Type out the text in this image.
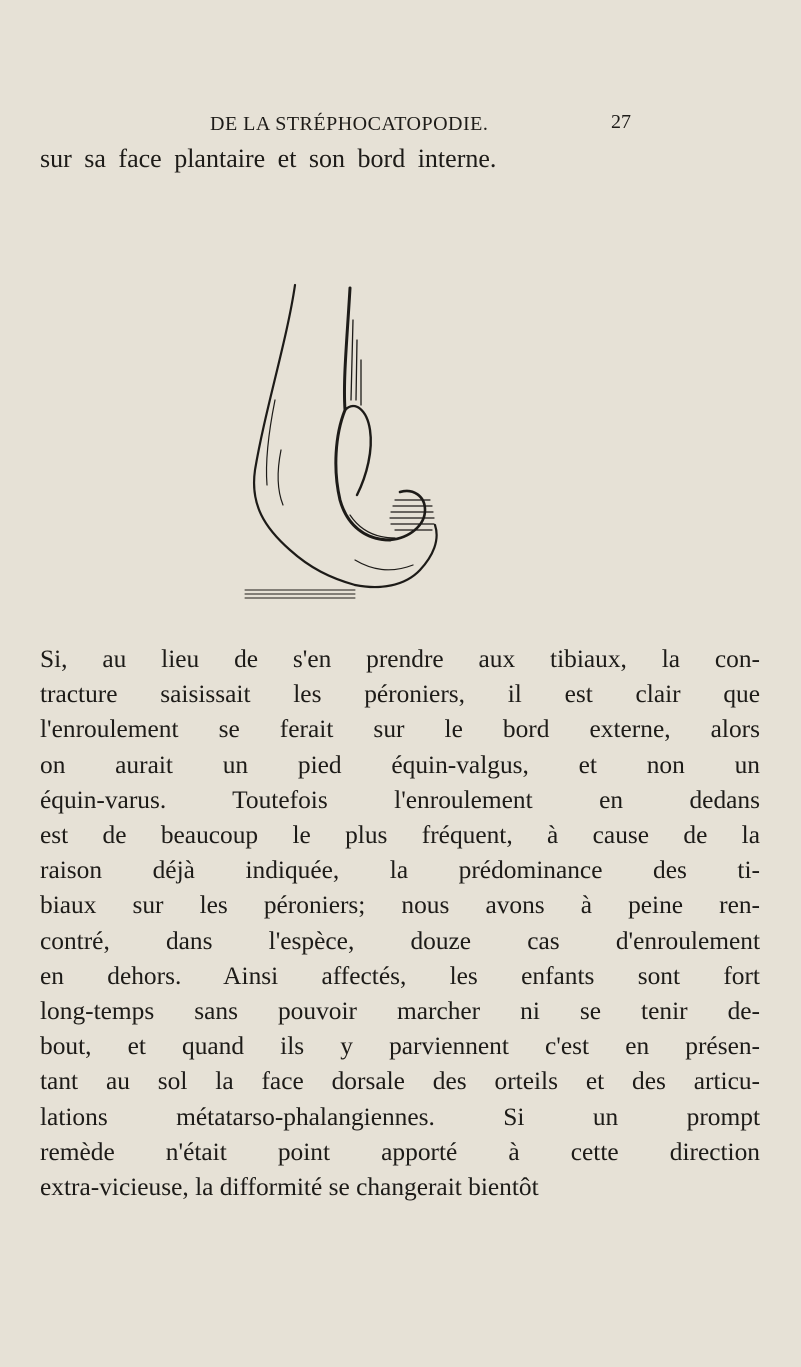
DE LA STRÉPHOCATOPODIE.	27
sur sa face plantaire et son bord interne.
Si, au lieu de s'en prendre aux tibiaux, la con-
tracture saisissait les péroniers, il est clair que
l'enroulement se ferait sur le bord externe, alors
on aurait un pied équin-valgus, et non un
équin-varus. Toutefois l'enroulement en dedans
est de beaucoup le plus fréquent, à cause de la
raison déjà indiquée, la prédominance des ti-
biaux sur les péroniers; nous avons à peine ren-
contré, dans l'espèce, douze cas d'enroulement
en dehors. Ainsi affectés, les enfants sont fort
long-temps sans pouvoir marcher ni se tenir de-
bout, et quand ils y parviennent c'est en présen-
tant au sol la face dorsale des orteils et des articu-
lations métatarso-phalangiennes. Si un prompt
remède n'était point apporté à cette direction
extra-vicieuse, la difformité se changerait bientôt
